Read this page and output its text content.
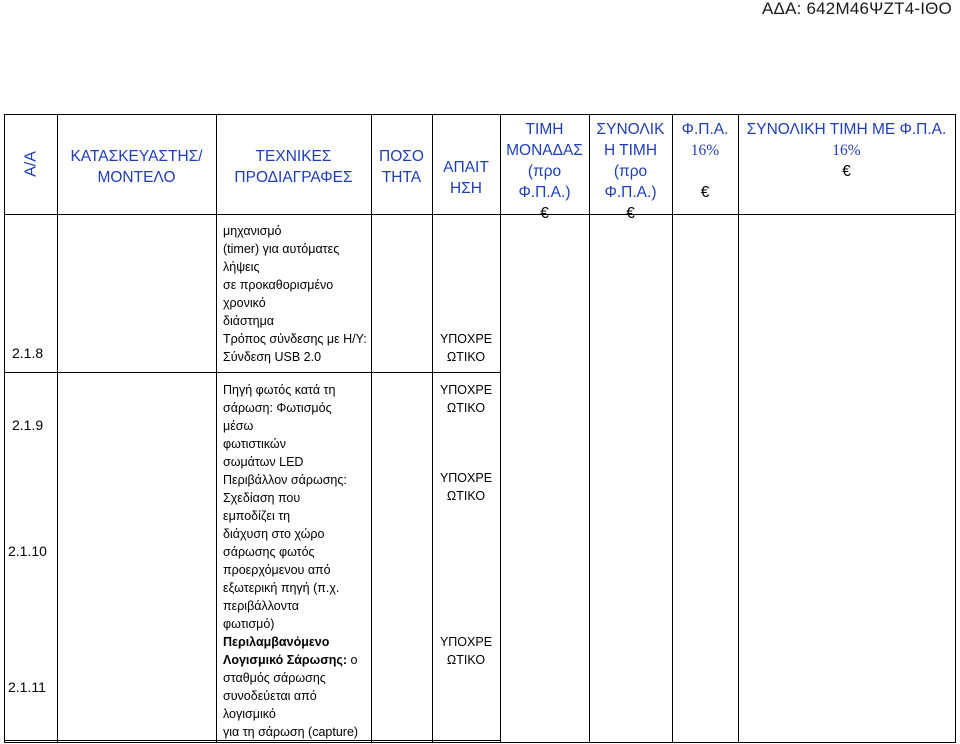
ΑΔΑ: 642Μ46ΨΖΤ4-ΙΘΟ
Α/Α	ΚΑΤΑΣΚΕΥΑΣΤΗΣ/
ΜΟΝΤΕΛΟ
ΤΕΧΝΙΚΕΣ
ΠΡΟΔΙΑΓΡΑΦΕΣ
ΠΟΣΟ
ΤΗΤΑ
ΑΠΑΙΤ
ΗΣΗ
ΤΙΜΗ
ΜΟΝΑΔΑΣ
(προ
Φ.Π.Α.)
€
ΣΥΝΟΛΙΚ
Η ΤΙΜΗ
(προ
Φ.Π.Α.)
€
Φ.Π.Α.
16%
€
ΣΥΝΟΛΙΚΗ ΤΙΜΗ ΜΕ Φ.Π.Α.
16%
€
2.1.8
μηχανισμό
(timer) για αυτόματες
λήψεις
σε προκαθορισμένο
χρονικό
διάστημα
Τρόπος σύνδεσης με Η/Υ:
Σύνδεση USB 2.0
ΥΠΟΧΡΕ
ΩΤΙΚΟ
2.1.9
2.1.10
2.1.11
Πηγή φωτός κατά τη
σάρωση: Φωτισμός
μέσω
φωτιστικών
σωμάτων LED
Περιβάλλον σάρωσης:
Σχεδίαση που
εμποδίζει τη
διάχυση στο χώρο
σάρωσης φωτός
προερχόμενου από
εξωτερική πηγή (π.χ.
περιβάλλοντα
φωτισμό)
Περιλαμβανόμενο
Λογισμικό Σάρωσης: ο
σταθμός σάρωσης
συνοδεύεται από
λογισμικό
για τη σάρωση (capture)
ΥΠΟΧΡΕ
ΩΤΙΚΟ
ΥΠΟΧΡΕ
ΩΤΙΚΟ
ΥΠΟΧΡΕ
ΩΤΙΚΟ
